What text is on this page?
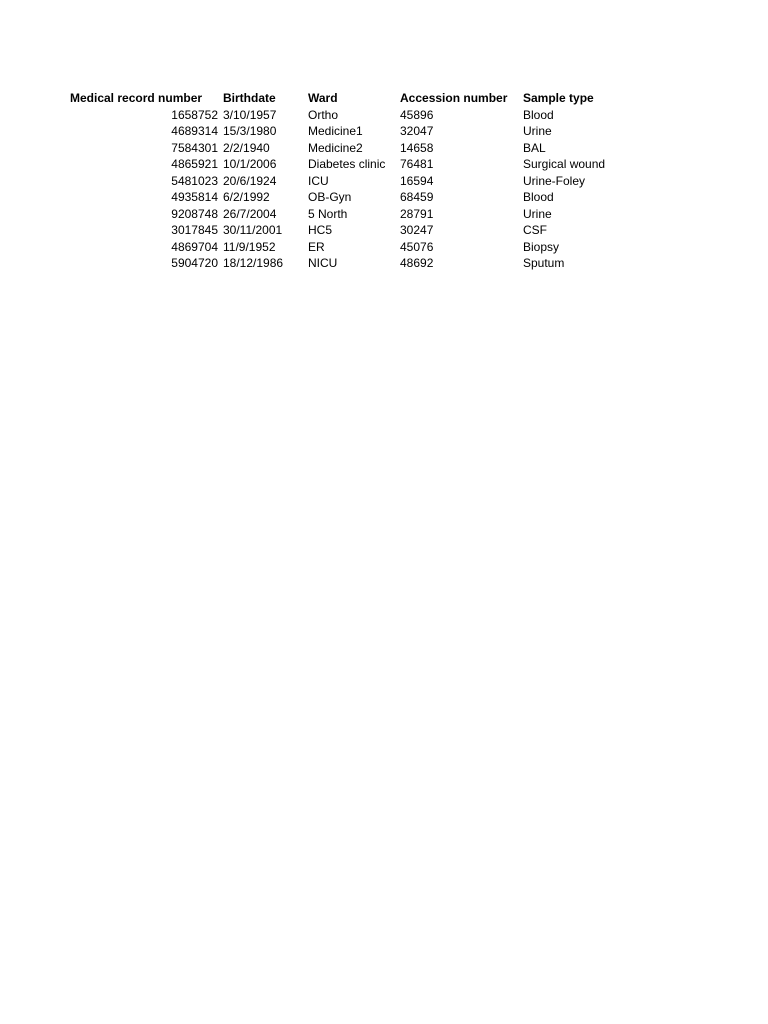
Medical record number	Birthdate	Ward	Accession number	Sample type
1658752	3/10/1957	Ortho	45896	Blood
4689314	15/3/1980	Medicine1	32047	Urine
7584301	2/2/1940	Medicine2	14658	BAL
4865921	10/1/2006	Diabetes clinic	76481	Surgical wound
5481023	20/6/1924	ICU	16594	Urine-Foley
4935814	6/2/1992	OB-Gyn	68459	Blood
9208748	26/7/2004	5 North	28791	Urine
3017845	30/11/2001	HC5	30247	CSF
4869704	11/9/1952	ER	45076	Biopsy
5904720	18/12/1986	NICU	48692	Sputum
